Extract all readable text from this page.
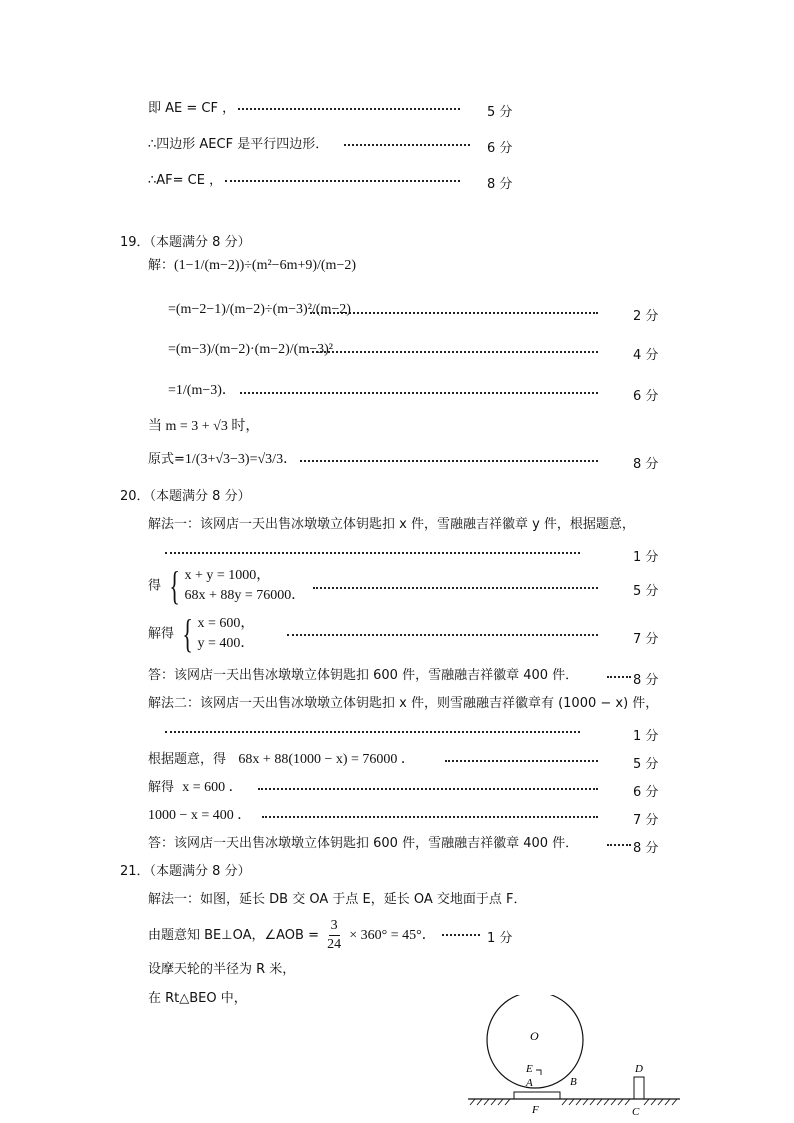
即 AE = CF ，	5 分
∴四边形 AECF 是平行四边形．	6 分
∴AF= CE ，	8 分
19．（本题满分 8 分）
解：(1−1/(m−2))÷(m²−6m+9)/(m−2)
=(m−2−1)/(m−2)÷(m−3)²/(m−2)	2 分
=(m−3)/(m−2)·(m−2)/(m−3)²	4 分
=1/(m−3)．	6 分
当 m = 3 + √3 时，
原式=1/(3+√3−3)=√3/3．	8 分
20．（本题满分 8 分）
解法一：该网店一天出售冰墩墩立体钥匙扣 x 件，雪融融吉祥徽章 y 件，根据题意，
1 分
得 { x + y = 1000，
68x + 88y = 76000．	5 分
解得 { x = 600，
y = 400．	7 分
答：该网店一天出售冰墩墩立体钥匙扣 600 件，雪融融吉祥徽章 400 件．	8 分
解法二：该网店一天出售冰墩墩立体钥匙扣 x 件，则雪融融吉祥徽章有 (1000 − x) 件，
1 分
根据题意，得 68x + 88(1000 − x) = 76000 ．	5 分
解得 x = 600 ．	6 分
1000 − x = 400 ．	7 分
答：该网店一天出售冰墩墩立体钥匙扣 600 件，雪融融吉祥徽章 400 件．	8 分
21．（本题满分 8 分）
解法一：如图，延长 DB 交 OA 于点 E，延长 OA 交地面于点 F．
由题意知 BE⊥OA，∠AOB = $\frac{3}{24} \times 360^\circ = 45^\circ$．	1 分
设摩天轮的半径为 R 米，
在 Rt△BEO 中，
O
E
A	B
D
C
F
